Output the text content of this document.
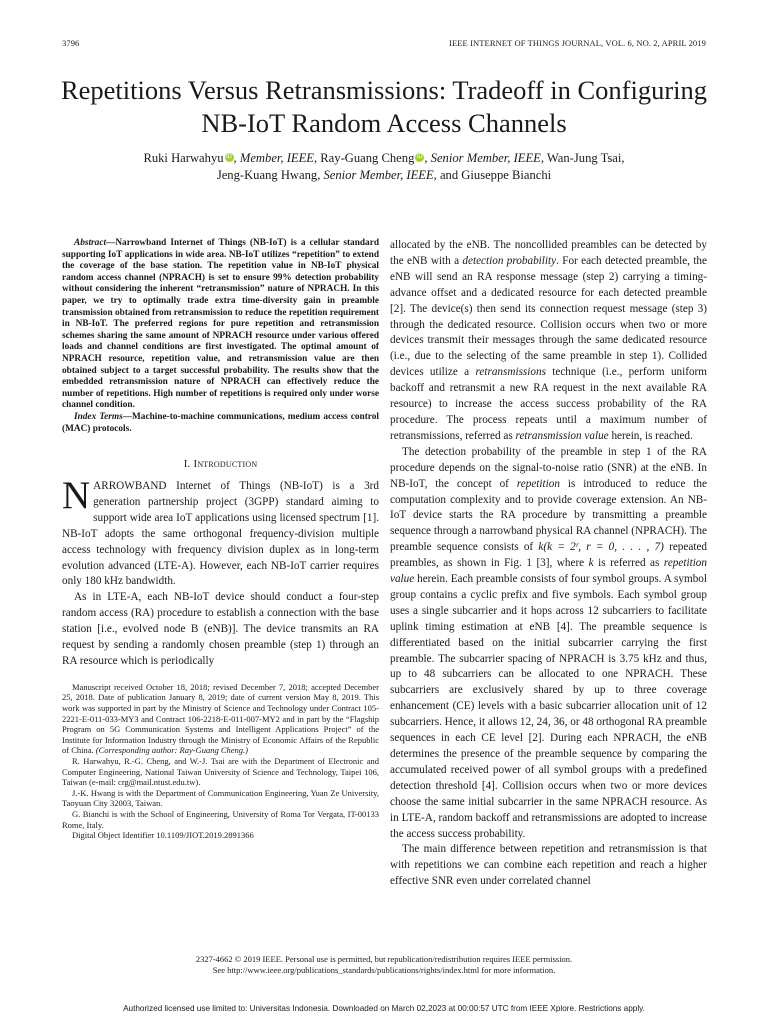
3796	IEEE INTERNET OF THINGS JOURNAL, VOL. 6, NO. 2, APRIL 2019
Repetitions Versus Retransmissions: Tradeoff in Configuring NB-IoT Random Access Channels
Ruki Harwahyu iD , Member, IEEE, Ray-Guang Cheng iD , Senior Member, IEEE, Wan-Jung Tsai,
Jeng-Kuang Hwang, Senior Member, IEEE, and Giuseppe Bianchi

Abstract—Narrowband Internet of Things (NB-IoT) is a cellular standard supporting IoT applications in wide area. NB-IoT utilizes “repetition” to extend the coverage of the base station. The repetition value in NB-IoT physical random access channel (NPRACH) is set to ensure 99% detection probability without considering the inherent “retransmission” nature of NPRACH. In this paper, we try to optimally trade extra time-diversity gain in preamble transmission obtained from retransmission to reduce the repetition requirement in NB-IoT. The preferred regions for pure repetition and retransmission schemes sharing the same amount of NPRACH resource under various offered loads and channel conditions are first investigated. The optimal amount of NPRACH resource, repetition value, and retransmission value are then obtained subject to a target successful probability. The results show that the embedded retransmission nature of NPRACH can effectively reduce the number of repetitions. High number of repetitions is required only under worse channel condition.

Index Terms—Machine-to-machine communications, medium access control (MAC) protocols.

I. Introduction

NARROWBAND Internet of Things (NB-IoT) is a 3rd generation partnership project (3GPP) standard aiming to support wide area IoT applications using licensed spectrum [1]. NB-IoT adopts the same orthogonal frequency-division multiple access technology with frequency division duplex as in long-term evolution advanced (LTE-A). However, each NB-IoT carrier requires only 180 kHz bandwidth.

As in LTE-A, each NB-IoT device should conduct a four-step random access (RA) procedure to establish a connection with the base station [i.e., evolved node B (eNB)]. The device transmits an RA request by sending a randomly chosen preamble (step 1) through an RA resource which is periodically

Manuscript received October 18, 2018; revised December 7, 2018; accepted December 25, 2018. Date of publication January 8, 2019; date of current version May 8, 2019. This work was supported in part by the Ministry of Science and Technology under Contract 105-2221-E-011-033-MY3 and Contract 106-2218-E-011-007-MY2 and in part by the “Flagship Program on 5G Communication Systems and Intelligent Applications Project” of the Institute for Information Industry through the Ministry of Economic Affairs of the Republic of China. (Corresponding author: Ray-Guang Cheng.)

R. Harwahyu, R.-G. Cheng, and W.-J. Tsai are with the Department of Electronic and Computer Engineering, National Taiwan University of Science and Technology, Taipei 106, Taiwan (e-mail: crg@mail.ntust.edu.tw).

J.-K. Hwang is with the Department of Communication Engineering, Yuan Ze University, Taoyuan City 32003, Taiwan.

G. Bianchi is with the School of Engineering, University of Roma Tor Vergata, IT-00133 Rome, Italy.

Digital Object Identifier 10.1109/JIOT.2019.2891366

allocated by the eNB. The noncollided preambles can be detected by the eNB with a detection probability. For each detected preamble, the eNB will send an RA response message (step 2) carrying a timing-advance offset and a dedicated resource for each detected preamble [2]. The device(s) then send its connection request message (step 3) through the dedicated resource. Collision occurs when two or more devices transmit their messages through the same dedicated resource (i.e., due to the selecting of the same preamble in step 1). Collided devices utilize a retransmissions technique (i.e., perform uniform backoff and retransmit a new RA request in the next available RA resource) to increase the access success probability of the RA procedure. The process repeats until a maximum number of retransmissions, referred as retransmission value herein, is reached.

The detection probability of the preamble in step 1 of the RA procedure depends on the signal-to-noise ratio (SNR) at the eNB. In NB-IoT, the concept of repetition is introduced to reduce the computation complexity and to provide coverage extension. An NB-IoT device starts the RA procedure by transmitting a preamble sequence through a narrowband physical RA channel (NPRACH). The preamble sequence consists of k(k = 2ʳ, r = 0, . . . , 7) repeated preambles, as shown in Fig. 1 [3], where k is referred as repetition value herein. Each preamble consists of four symbol groups. A symbol group contains a cyclic prefix and five symbols. Each symbol group uses a single subcarrier and it hops across 12 subcarriers to facilitate uplink timing estimation at eNB [4]. The preamble sequence is differentiated based on the initial subcarrier carrying the first preamble. The subcarrier spacing of NPRACH is 3.75 kHz and thus, up to 48 subcarriers can be allocated to one NPRACH. These subcarriers are exclusively shared by up to three coverage enhancement (CE) levels with a basic subcarrier allocation unit of 12 subcarriers. Hence, it allows 12, 24, 36, or 48 orthogonal RA preamble sequences in each CE level [2]. During each NPRACH, the eNB determines the presence of the preamble sequence by comparing the accumulated received power of all symbol groups with a predefined detection threshold [4]. Collision occurs when two or more devices choose the same initial subcarrier in the same NPRACH resource. As in LTE-A, random backoff and retransmissions are adopted to increase the access success probability.

The main difference between repetition and retransmission is that with repetitions we can combine each repetition and reach a higher effective SNR even under correlated channel

2327-4662 © 2019 IEEE. Personal use is permitted, but republication/redistribution requires IEEE permission.
See http://www.ieee.org/publications_standards/publications/rights/index.html for more information.
Authorized licensed use limited to: Universitas Indonesia. Downloaded on March 02,2023 at 00:00:57 UTC from IEEE Xplore. Restrictions apply.
